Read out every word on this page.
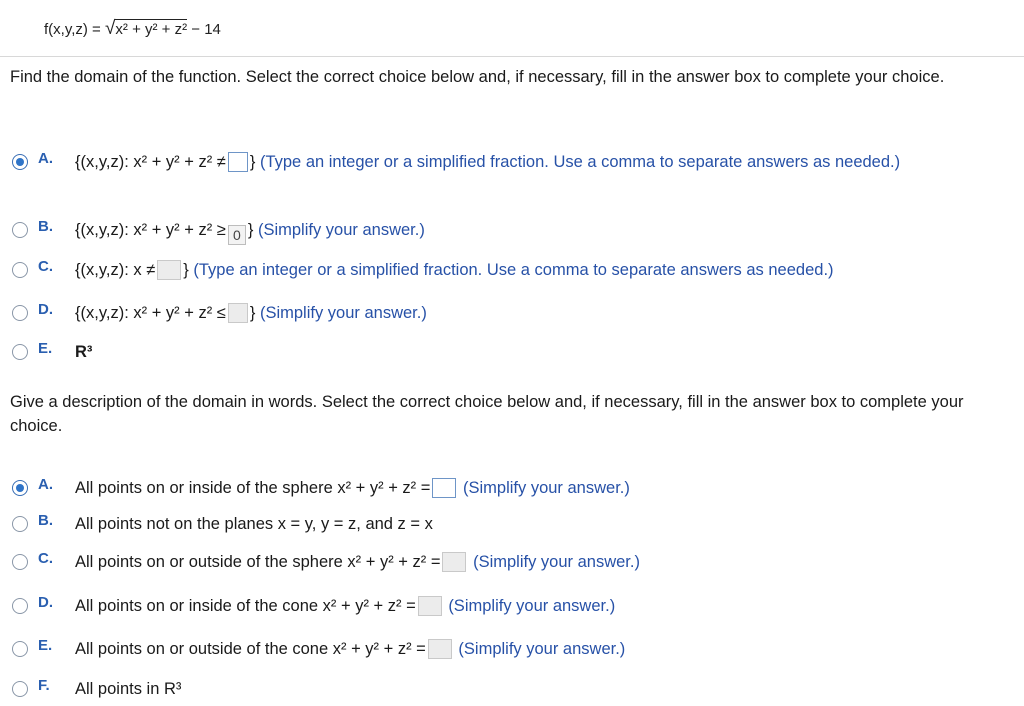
f(x,y,z) = √x² + y² + z² − 14
Find the domain of the function. Select the correct choice below and, if necessary, fill in the answer box to complete your choice.
A. {(x,y,z): x² + y² + z² ≠ } (Type an integer or a simplified fraction. Use a comma to separate answers as needed.)
B. {(x,y,z): x² + y² + z² ≥ 0 } (Simplify your answer.)
C. {(x,y,z): x ≠ } (Type an integer or a simplified fraction. Use a comma to separate answers as needed.)
D. {(x,y,z): x² + y² + z² ≤ } (Simplify your answer.)
E. R³
Give a description of the domain in words. Select the correct choice below and, if necessary, fill in the answer box to complete your choice.
A. All points on or inside of the sphere x² + y² + z² = (Simplify your answer.)
B. All points not on the planes x = y, y = z, and z = x
C. All points on or outside of the sphere x² + y² + z² = (Simplify your answer.)
D. All points on or inside of the cone x² + y² + z² = (Simplify your answer.)
E. All points on or outside of the cone x² + y² + z² = (Simplify your answer.)
F. All points in R³
